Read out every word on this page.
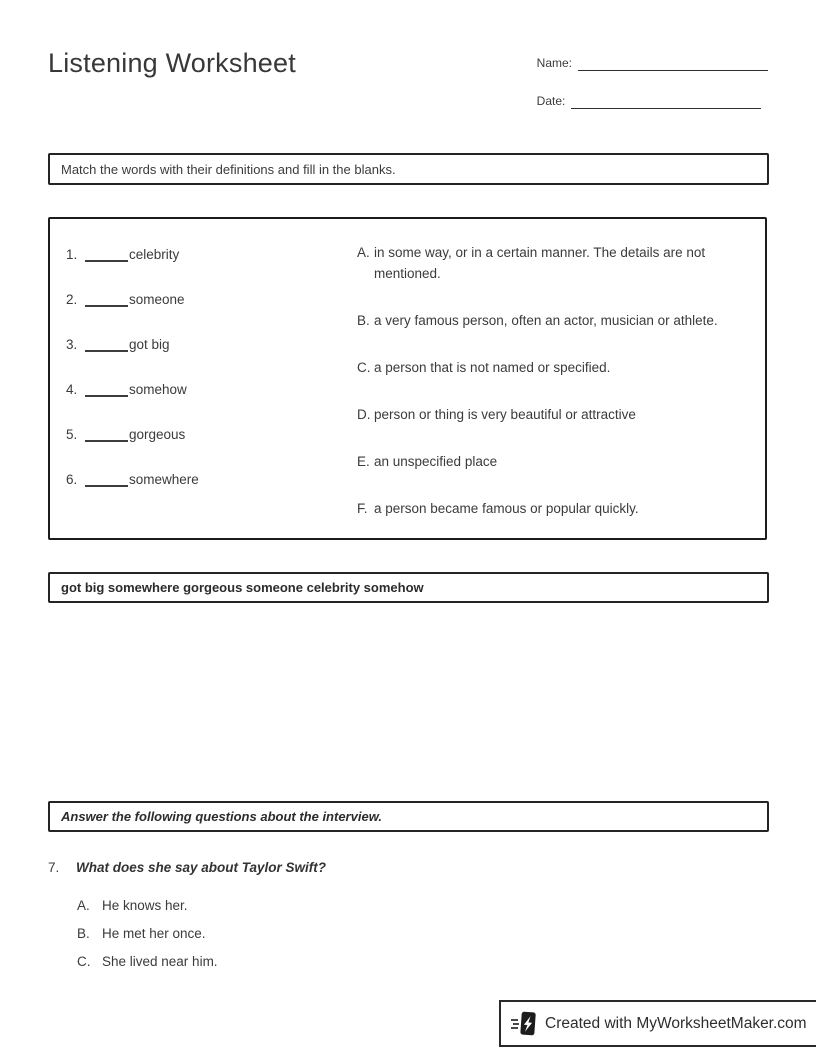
Listening Worksheet	Name:
Date:
Match the words with their definitions and fill in the blanks.
1.	celebrity
2.	someone
3.	got big
4.	somehow
5.	gorgeous
6.	somewhere
A. in some way, or in a certain manner. The details are not mentioned.
B. a very famous person, often an actor, musician or athlete.
C. a person that is not named or specified.
D. person or thing is very beautiful or attractive
E. an unspecified place
F. a person became famous or popular quickly.
got big somewhere gorgeous someone celebrity somehow
Answer the following questions about the interview.
7.	What does she say about Taylor Swift?
A. He knows her.
B. He met her once.
C. She lived near him.
Created with MyWorksheetMaker.com
